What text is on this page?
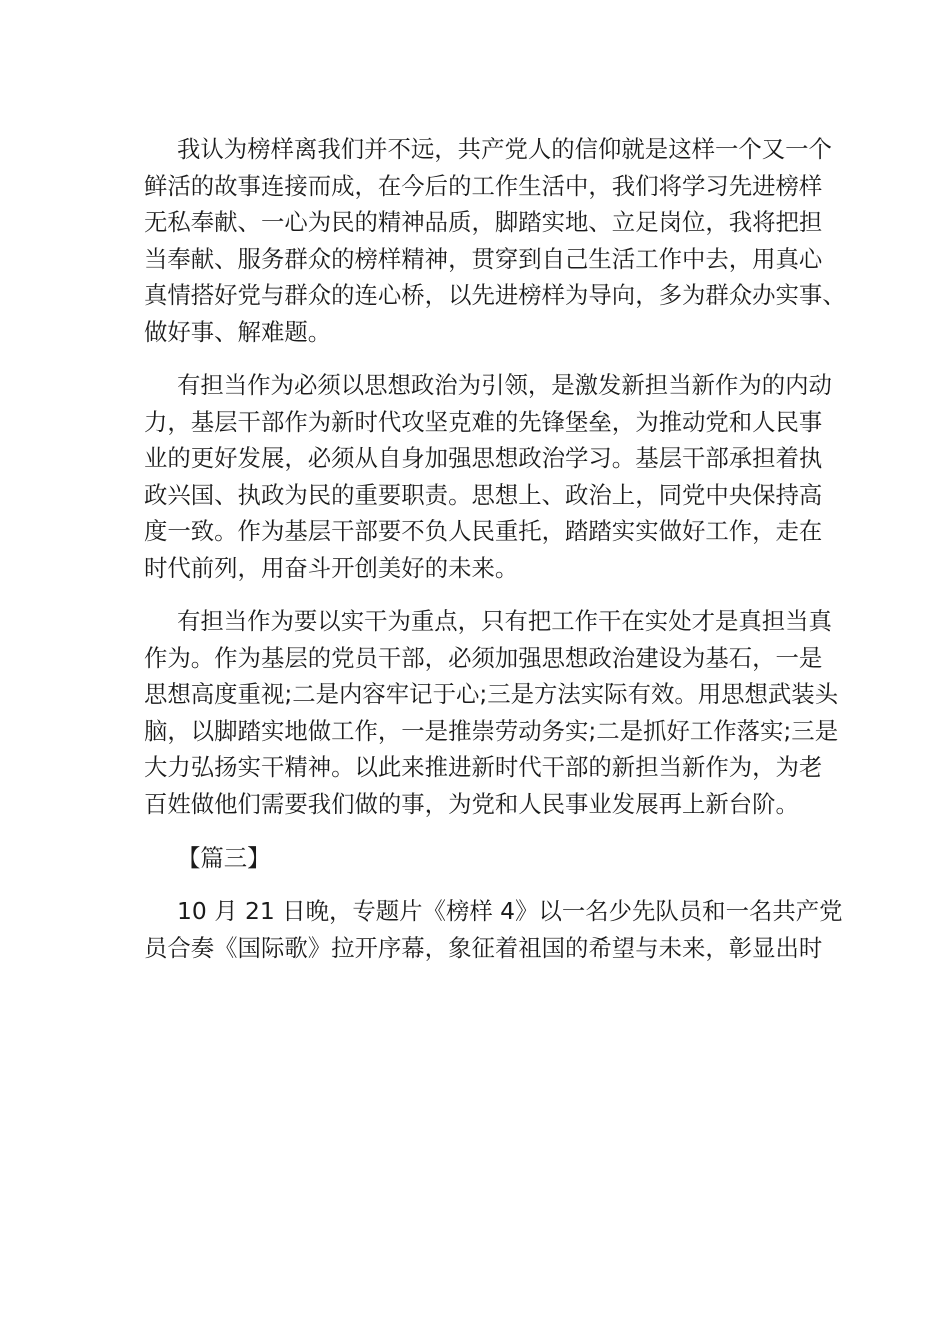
我认为榜样离我们并不远，共产党人的信仰就是这样一个又一个
鲜活的故事连接而成，在今后的工作生活中，我们将学习先进榜样
无私奉献、一心为民的精神品质，脚踏实地、立足岗位，我将把担
当奉献、服务群众的榜样精神，贯穿到自己生活工作中去，用真心
真情搭好党与群众的连心桥，以先进榜样为导向，多为群众办实事、
做好事、解难题。
有担当作为必须以思想政治为引领，是激发新担当新作为的内动
力，基层干部作为新时代攻坚克难的先锋堡垒，为推动党和人民事
业的更好发展，必须从自身加强思想政治学习。基层干部承担着执
政兴国、执政为民的重要职责。思想上、政治上，同党中央保持高
度一致。作为基层干部要不负人民重托，踏踏实实做好工作，走在
时代前列，用奋斗开创美好的未来。
有担当作为要以实干为重点，只有把工作干在实处才是真担当真
作为。作为基层的党员干部，必须加强思想政治建设为基石，一是
思想高度重视;二是内容牢记于心;三是方法实际有效。用思想武装头
脑，以脚踏实地做工作，一是推崇劳动务实;二是抓好工作落实;三是
大力弘扬实干精神。以此来推进新时代干部的新担当新作为，为老
百姓做他们需要我们做的事，为党和人民事业发展再上新台阶。
【篇三】
10 月 21 日晚，专题片《榜样 4》以一名少先队员和一名共产党
员合奏《国际歌》拉开序幕，象征着祖国的希望与未来，彰显出时
